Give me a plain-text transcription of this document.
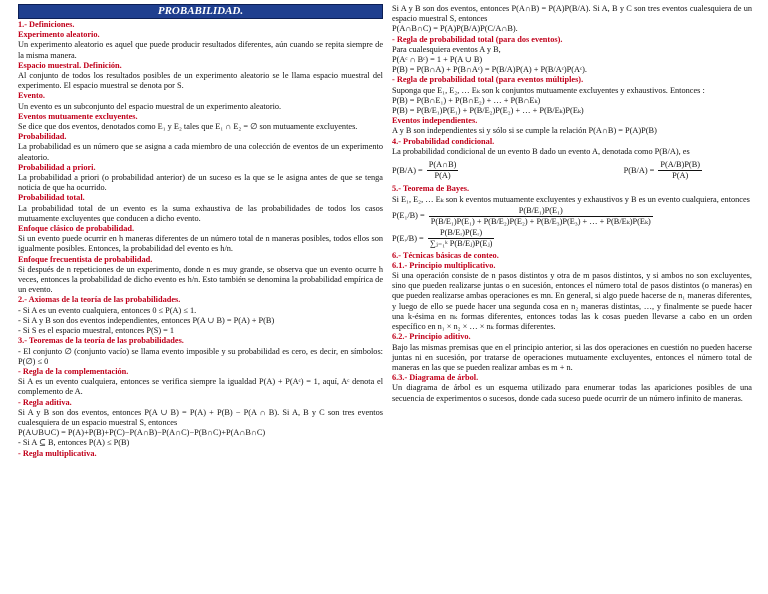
PROBABILIDAD.
1.- Definiciones.
Experimento aleatorio.

Un experimento aleatorio es aquel que puede producir resultados diferentes, aún cuando se repita siempre de la misma manera.

Espacio muestral. Definición.

Al conjunto de todos los resultados posibles de un experimento aleatorio se le llama espacio muestral del experimento. El espacio muestral se denota por S.

Evento.

Un evento es un subconjunto del espacio muestral de un experimento aleatorio.

Eventos mutuamente excluyentes.

Se dice que dos eventos, denotados como E₁ y E₂ tales que E₁ ∩ E₂ = ∅ son mutuamente excluyentes.

Probabilidad.

La probabilidad es un número que se asigna a cada miembro de una colección de eventos de un experimento aleatorio.

Probabilidad a priori.

La probabilidad a priori (o probabilidad anterior) de un suceso es la que se le asigna antes de que se tenga noticia de que ha ocurrido.

Probabilidad total.

La probabilidad total de un evento es la suma exhaustiva de las probabilidades de todos los casos mutuamente excluyentes que conducen a dicho evento.

Enfoque clásico de probabilidad.

Si un evento puede ocurrir en h maneras diferentes de un número total de n maneras posibles, todos ellos son igualmente posibles. Entonces, la probabilidad del evento es h/n.

Enfoque frecuentista de probabilidad.

Si después de n repeticiones de un experimento, donde n es muy grande, se observa que un evento ocurre h veces, entonces la probabilidad de dicho evento es h/n. Esto también se denomina la probabilidad empírica de un evento.

2.- Axiomas de la teoría de las probabilidades.

- Si A es un evento cualquiera, entonces 0 ≤ P(A) ≤ 1.

- Si A y B son dos eventos independientes, entonces P(A ∪ B) = P(A) + P(B)

- Si S es el espacio muestral, entonces P(S) = 1

3.- Teoremas de la teoría de las probabilidades.

- El conjunto ∅ (conjunto vacío) se llama evento imposible y su probabilidad es cero, es decir, en símbolos: P(∅) ≤ 0

- Regla de la complementación.

Si A es un evento cualquiera, entonces se verifica siempre la igualdad P(A) + P(Aᶜ) = 1, aquí, Aᶜ denota el complemento de A.

- Regla aditiva.

Si A y B son dos eventos, entonces P(A ∪ B) = P(A) + P(B) − P(A ∩ B). Si A, B y C son tres eventos cualesquiera de un espacio muestral S, entonces

P(A∪B∪C) = P(A)+P(B)+P(C)−P(A∩B)−P(A∩C)−P(B∩C)+P(A∩B∩C)

- Si A ⊆ B, entonces P(A) ≤ P(B)

- Regla multiplicativa.

Si A y B son dos eventos, entonces P(A∩B) = P(A)P(B/A). Si A, B y C son tres eventos cualesquiera de un espacio muestral S, entonces

P(A∩B∩C) = P(A)P(B/A)P(C/A∩B).

- Regla de probabilidad total (para dos eventos).

Para cualesquiera eventos A y B,

P(Aᶜ ∩ Bᶜ) = 1 + P(A ∪ B)

P(B) = P(B∩A) + P(B∩Aᶜ) = P(B/A)P(A) + P(B/Aᶜ)P(Aᶜ).

- Regla de probabilidad total (para eventos múltiples).

Suponga que E₁, E₂, … Eₖ son k conjuntos mutuamente excluyentes y exhaustivos. Entonces :

P(B) = P(B∩E₁) + P(B∩E₂) + … + P(B∩Eₖ)

P(B) = P(B/E₁)P(E₁) + P(B/E₂)P(E₂) + … + P(B/Eₖ)P(Eₖ)

Eventos independientes.

A y B son independientes si y sólo si se cumple la relación P(A∩B) = P(A)P(B)

4.- Probabilidad condicional.

La probabilidad condicional de un evento B dado un evento A, denotada como P(B/A), es

$P(B/A) = \frac{P(A\cap B)}{P(A)}$	$P(B/A) = \frac{P(A/B)P(B)}{P(A)}$
5.- Teorema de Bayes.

Si E₁, E₂, … Eₖ son k eventos mutuamente excluyentes y exhaustivos y B es un evento cualquiera, entonces

P(E₁/B) =
P(B/E₁)P(E₁)
P(B/E₁)P(E₁) + P(B/E₂)P(E₂) + P(B/E₃)P(E₃) + … + P(B/Eₖ)P(Eₖ)
P(Eᵣ/B) = $\frac{\text{P(B/Eᵣ)P(Eᵣ)}}{\text{∑ⱼ₌₁ᵏ P(B/Eⱼ)P(Eⱼ)}}$
6.- Técnicas básicas de conteo.
6.1.- Principio multiplicativo.

Si una operación consiste de n pasos distintos y otra de m pasos distintos, y si ambos no son excluyentes, sino que pueden realizarse juntas o en sucesión, entonces el número total de pasos distintos (o maneras) en que pueden realizarse ambas operaciones es mn. En general, si algo puede hacerse de n₁ maneras diferentes, y luego de ello se puede hacer una segunda cosa en n₂ maneras distintas, …, y finalmente se puede hacer una k-ésima en nₖ formas diferentes, entonces todas las k cosas pueden llevarse a cabo en un orden específico en n₁ × n₂ × … × nₖ formas diferentes.

6.2.- Principio aditivo.

Bajo las mismas premisas que en el principio anterior, si las dos operaciones en cuestión no pueden hacerse juntas ni en sucesión, por tratarse de operaciones mutuamente excluyentes, entonces el número total de maneras en las que se pueden realizar ambas es m + n.

6.3.- Diagrama de árbol.

Un diagrama de árbol es un esquema utilizado para enumerar todas las apariciones posibles de una secuencia de experimentos o sucesos, donde cada suceso puede ocurrir de un número infinito de maneras.
